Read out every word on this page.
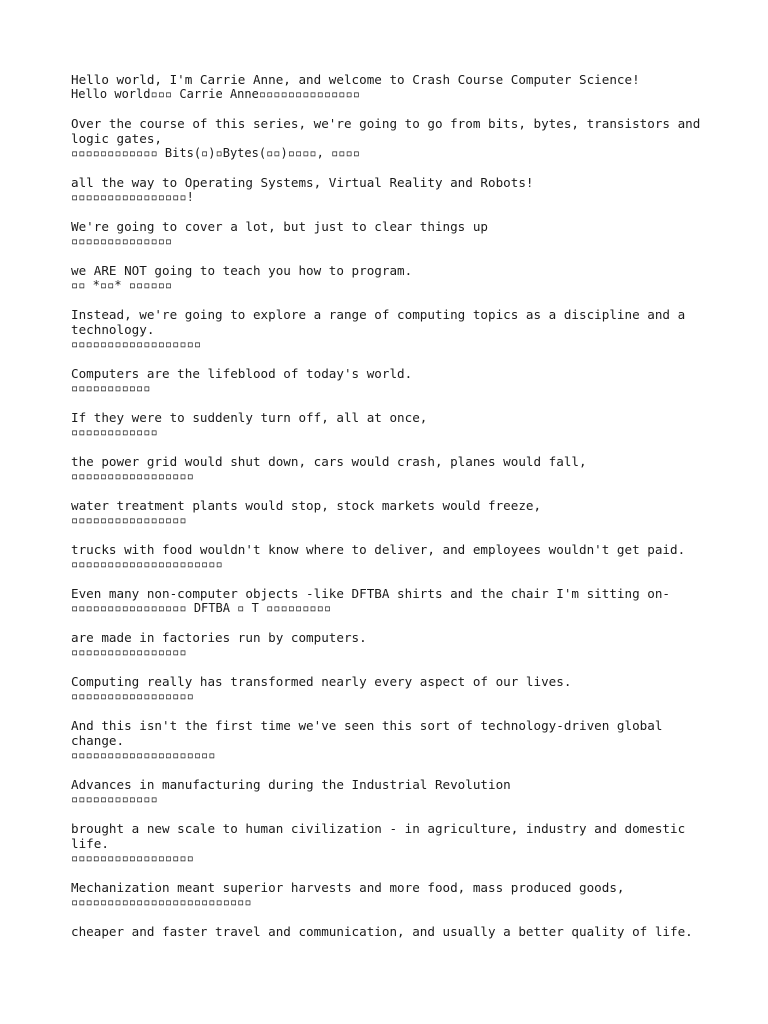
Hello world, I'm Carrie Anne, and welcome to Crash Course Computer Science!
Hello world▫▫▫ Carrie Anne▫▫▫▫▫▫▫▫▫▫▫▫▫▫
Over the course of this series, we're going to go from bits, bytes, transistors and logic gates,
▫▫▫▫▫▫▫▫▫▫▫▫ Bits(▫)▫Bytes(▫▫)▫▫▫▫, ▫▫▫▫
all the way to Operating Systems, Virtual Reality and Robots!
▫▫▫▫▫▫▫▫▫▫▫▫▫▫▫▫!
We're going to cover a lot, but just to clear things up
▫▫▫▫▫▫▫▫▫▫▫▫▫▫
we ARE NOT going to teach you how to program.
▫▫ *▫▫* ▫▫▫▫▫▫
Instead, we're going to explore a range of computing topics as a discipline and a technology.
▫▫▫▫▫▫▫▫▫▫▫▫▫▫▫▫▫▫
Computers are the lifeblood of today's world.
▫▫▫▫▫▫▫▫▫▫▫
If they were to suddenly turn off, all at once,
▫▫▫▫▫▫▫▫▫▫▫▫
the power grid would shut down, cars would crash, planes would fall,
▫▫▫▫▫▫▫▫▫▫▫▫▫▫▫▫▫
water treatment plants would stop, stock markets would freeze,
▫▫▫▫▫▫▫▫▫▫▫▫▫▫▫▫
trucks with food wouldn't know where to deliver, and employees wouldn't get paid.
▫▫▫▫▫▫▫▫▫▫▫▫▫▫▫▫▫▫▫▫▫
Even many non-computer objects -like DFTBA shirts and the chair I'm sitting on-
▫▫▫▫▫▫▫▫▫▫▫▫▫▫▫▫ DFTBA ▫ T ▫▫▫▫▫▫▫▫▫
are made in factories run by computers.
▫▫▫▫▫▫▫▫▫▫▫▫▫▫▫▫
Computing really has transformed nearly every aspect of our lives.
▫▫▫▫▫▫▫▫▫▫▫▫▫▫▫▫▫
And this isn't the first time we've seen this sort of technology-driven global change.
▫▫▫▫▫▫▫▫▫▫▫▫▫▫▫▫▫▫▫▫
Advances in manufacturing during the Industrial Revolution
▫▫▫▫▫▫▫▫▫▫▫▫
brought a new scale to human civilization - in agriculture, industry and domestic life.
▫▫▫▫▫▫▫▫▫▫▫▫▫▫▫▫▫
Mechanization meant superior harvests and more food, mass produced goods,
▫▫▫▫▫▫▫▫▫▫▫▫▫▫▫▫▫▫▫▫▫▫▫▫▫
cheaper and faster travel and communication, and usually a better quality of life.
